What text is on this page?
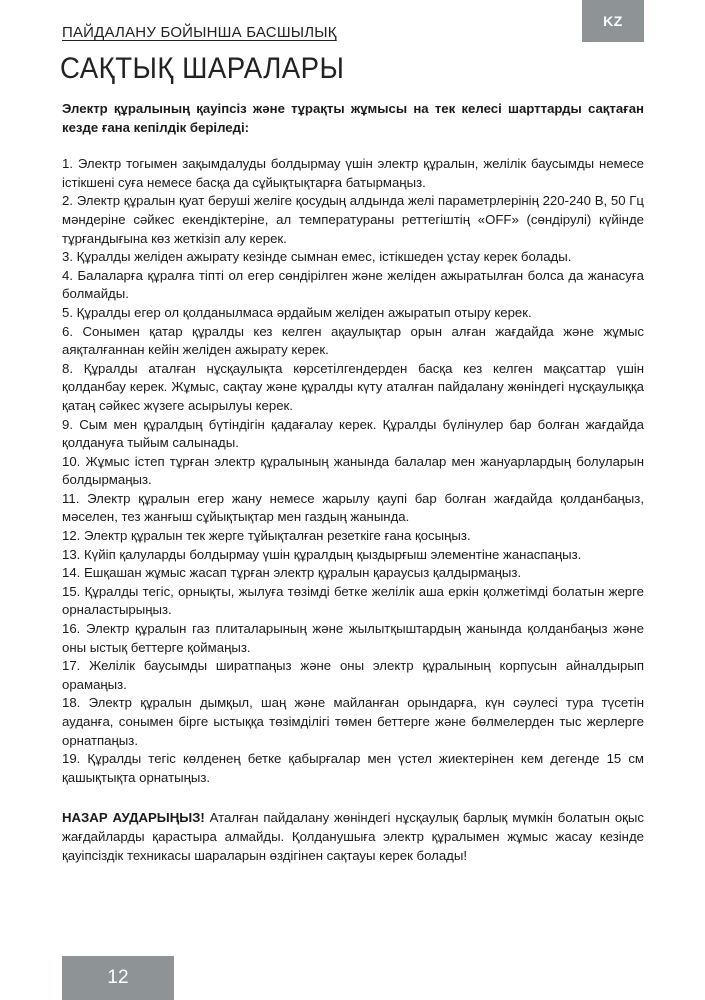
KZ
ПАЙДАЛАНУ БОЙЫНША БАСШЫЛЫҚ
САҚТЫҚ ШАРАЛАРЫ

Электр құралының қауіпсіз және тұрақты жұмысы на тек келесі шарттарды сақтаған кезде ғана кепілдік беріледі:

1. Электр тогымен зақымдалуды болдырмау үшін электр құралын, желілік баусымды немесе істікшені суға немесе басқа да сұйықтықтарға батырмаңыз.
2. Электр құралын қуат беруші желіге қосудың алдында желі параметрлерінің 220-240 В, 50 Гц мәндеріне сәйкес екендіктеріне, ал температураны реттегіштің «OFF» (сөндірулі) күйінде тұрғандығына көз жеткізіп алу керек.
3. Құралды желіден ажырату кезінде сымнан емес, істікшеден ұстау керек болады.
4. Балаларға құралға тіпті ол егер сөндірілген және желіден ажыратылған болса да жанасуға болмайды.
5. Құралды егер ол қолданылмаса әрдайым желіден ажыратып отыру керек.
6. Сонымен қатар құралды кез келген ақаулықтар орын алған жағдайда және жұмыс аяқталғаннан кейін желіден ажырату керек.
8. Құралды аталған нұсқаулықта көрсетілгендерден басқа кез келген мақсаттар үшін қолданбау керек. Жұмыс, сақтау және құралды күту аталған пайдалану жөніндегі нұсқаулыққа қатаң сәйкес жүзеге асырылуы керек.
9. Сым мен құралдың бүтіндігін қадағалау керек. Құралды бүлінулер бар болған жағдайда қолдануға тыйым салынады.
10. Жұмыс істеп тұрған электр құралының жанында балалар мен жануарлардың болуларын болдырмаңыз.
11. Электр құралын егер жану немесе жарылу қаупі бар болған жағдайда қолданбаңыз, мәселен, тез жанғыш сұйықтықтар мен газдың жанында.
12. Электр құралын тек жерге тұйықталған резеткіге ғана қосыңыз.
13. Күйіп қалуларды болдырмау үшін құралдың қыздырғыш элементіне жанаспаңыз.
14. Ешқашан жұмыс жасап тұрған электр құралын қараусыз қалдырмаңыз.
15. Құралды тегіс, орнықты, жылуға төзімді бетке желілік аша еркін қолжетімді болатын жерге орналастырыңыз.
16. Электр құралын газ плиталарының және жылытқыштардың жанында қолданбаңыз және оны ыстық беттерге қоймаңыз.
17. Желілік баусымды ширатпаңыз және оны электр құралының корпусын айналдырып орамаңыз.
18. Электр құралын дымқыл, шаң және майланған орындарға, күн сәулесі тура түсетін ауданға, сонымен бірге ыстыққа төзімділігі төмен беттерге және бөлмелерден тыс жерлерге орнатпаңыз.
19. Құралды тегіс көлденең бетке қабырғалар мен үстел жиектерінен кем дегенде 15 см қашықтықта орнатыңыз.

НАЗАР АУДАРЫҢЫЗ! Аталған пайдалану жөніндегі нұсқаулық барлық мүмкін болатын оқыс жағдайларды қарастыра алмайды. Қолданушыға электр құралымен жұмыс жасау кезінде қауіпсіздік техникасы шараларын өздігінен сақтауы керек болады!

12
